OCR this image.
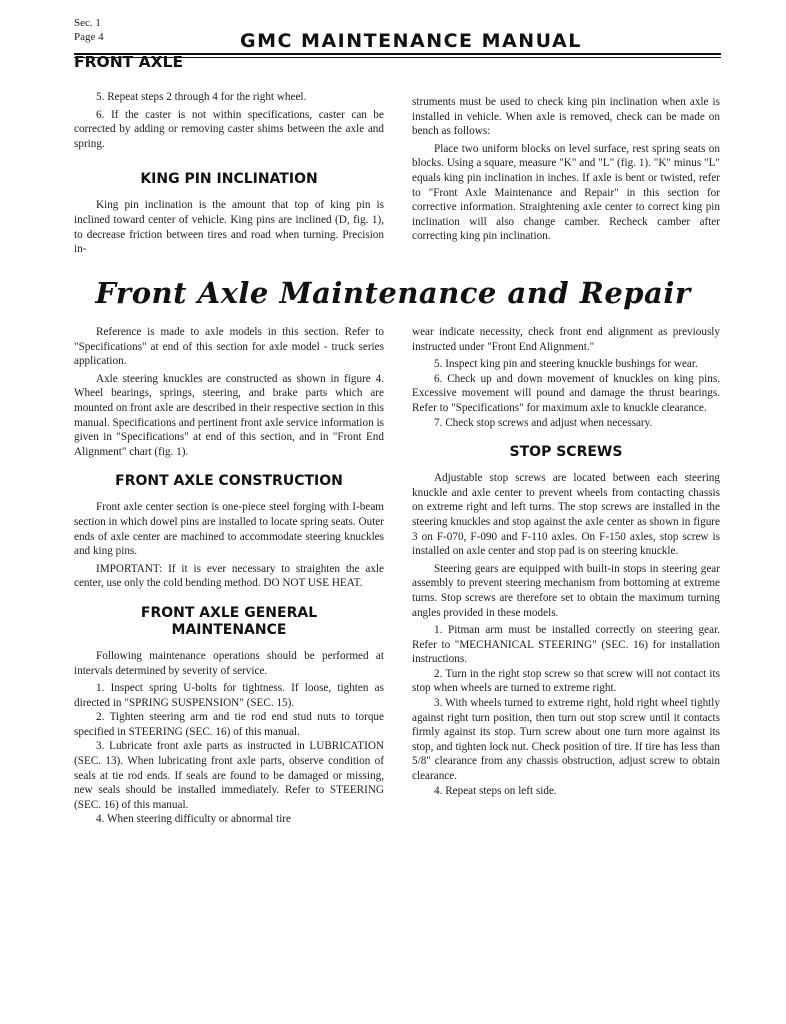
Sec. 1
Page 4	GMC MAINTENANCE MANUAL
FRONT AXLE

5. Repeat steps 2 through 4 for the right wheel.

6. If the caster is not within specifications, caster can be corrected by adding or removing caster shims between the axle and spring.

KING PIN INCLINATION

King pin inclination is the amount that top of king pin is inclined toward center of vehicle. King pins are inclined (D, fig. 1), to decrease friction between tires and road when turning. Precision in-

struments must be used to check king pin inclination when axle is installed in vehicle. When axle is removed, check can be made on bench as follows:

Place two uniform blocks on level surface, rest spring seats on blocks. Using a square, measure "K" and "L" (fig. 1). "K" minus "L" equals king pin inclination in inches. If axle is bent or twisted, refer to "Front Axle Maintenance and Repair" in this section for corrective information. Straightening axle center to correct king pin inclination will also change camber. Recheck camber after correcting king pin inclination.

Front Axle Maintenance and Repair

Reference is made to axle models in this section. Refer to "Specifications" at end of this section for axle model - truck series application.

Axle steering knuckles are constructed as shown in figure 4. Wheel bearings, springs, steering, and brake parts which are mounted on front axle are described in their respective section in this manual. Specifications and pertinent front axle service information is given in "Specifications" at end of this section, and in "Front End Alignment" chart (fig. 1).

FRONT AXLE CONSTRUCTION

Front axle center section is one-piece steel forging with I-beam section in which dowel pins are installed to locate spring seats. Outer ends of axle center are machined to accommodate steering knuckles and king pins.

IMPORTANT: If it is ever necessary to straighten the axle center, use only the cold bending method. DO NOT USE HEAT.

FRONT AXLE GENERAL MAINTENANCE

Following maintenance operations should be performed at intervals determined by severity of service.

1. Inspect spring U-bolts for tightness. If loose, tighten as directed in "SPRING SUSPENSION" (SEC. 15).

2. Tighten steering arm and tie rod end stud nuts to torque specified in STEERING (SEC. 16) of this manual.

3. Lubricate front axle parts as instructed in LUBRICATION (SEC. 13). When lubricating front axle parts, observe condition of seals at tie rod ends. If seals are found to be damaged or missing, new seals should be installed immediately. Refer to STEERING (SEC. 16) of this manual.

4. When steering difficulty or abnormal tire

wear indicate necessity, check front end alignment as previously instructed under "Front End Alignment."

5. Inspect king pin and steering knuckle bushings for wear.

6. Check up and down movement of knuckles on king pins. Excessive movement will pound and damage the thrust bearings. Refer to "Specifications" for maximum axle to knuckle clearance.

7. Check stop screws and adjust when necessary.

STOP SCREWS

Adjustable stop screws are located between each steering knuckle and axle center to prevent wheels from contacting chassis on extreme right and left turns. The stop screws are installed in the steering knuckles and stop against the axle center as shown in figure 3 on F-070, F-090 and F-110 axles. On F-150 axles, stop screw is installed on axle center and stop pad is on steering knuckle.

Steering gears are equipped with built-in stops in steering gear assembly to prevent steering mechanism from bottoming at extreme turns. Stop screws are therefore set to obtain the maximum turning angles provided in these models.

1. Pitman arm must be installed correctly on steering gear. Refer to "MECHANICAL STEERING" (SEC. 16) for installation instructions.

2. Turn in the right stop screw so that screw will not contact its stop when wheels are turned to extreme right.

3. With wheels turned to extreme right, hold right wheel tightly against right turn position, then turn out stop screw until it contacts firmly against its stop. Turn screw about one turn more against its stop, and tighten lock nut. Check position of tire. If tire has less than 5/8" clearance from any chassis obstruction, adjust screw to obtain clearance.

4. Repeat steps on left side.
